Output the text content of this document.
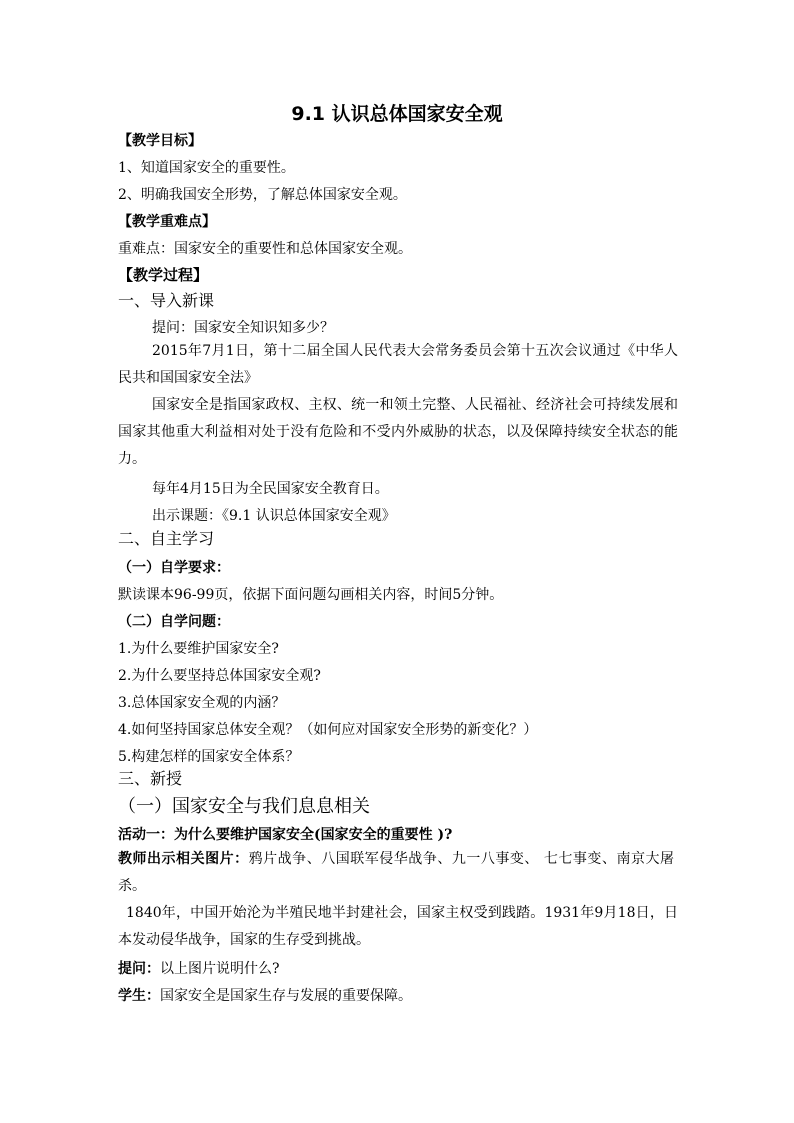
9.1 认识总体国家安全观
【教学目标】
1、知道国家安全的重要性。
2、明确我国安全形势，了解总体国家安全观。
【教学重难点】
重难点：国家安全的重要性和总体国家安全观。
【教学过程】
一、导入新课
提问：国家安全知识知多少？
2015年7月1日，第十二届全国人民代表大会常务委员会第十五次会议通过《中华人民共和国国家安全法》
国家安全是指国家政权、主权、统一和领土完整、人民福祉、经济社会可持续发展和国家其他重大利益相对处于没有危险和不受内外威胁的状态，以及保障持续安全状态的能力。
每年4月15日为全民国家安全教育日。
出示课题：《9.1 认识总体国家安全观》
二、自主学习
（一）自学要求：
默读课本96-99页，依据下面问题勾画相关内容，时间5分钟。
（二）自学问题：
1.为什么要维护国家安全?
2.为什么要坚持总体国家安全观?
3.总体国家安全观的内涵？
4.如何坚持国家总体安全观？（如何应对国家安全形势的新变化？）
5.构建怎样的国家安全体系？
三、新授
（一）国家安全与我们息息相关
活动一：为什么要维护国家安全(国家安全的重要性 )?
教师出示相关图片：鸦片战争、八国联军侵华战争、九一八事变、 七七事变、南京大屠杀。
1840年，中国开始沦为半殖民地半封建社会，国家主权受到践踏。1931年9月18日，日本发动侵华战争，国家的生存受到挑战。
提问：以上图片说明什么?
学生：国家安全是国家生存与发展的重要保障。
